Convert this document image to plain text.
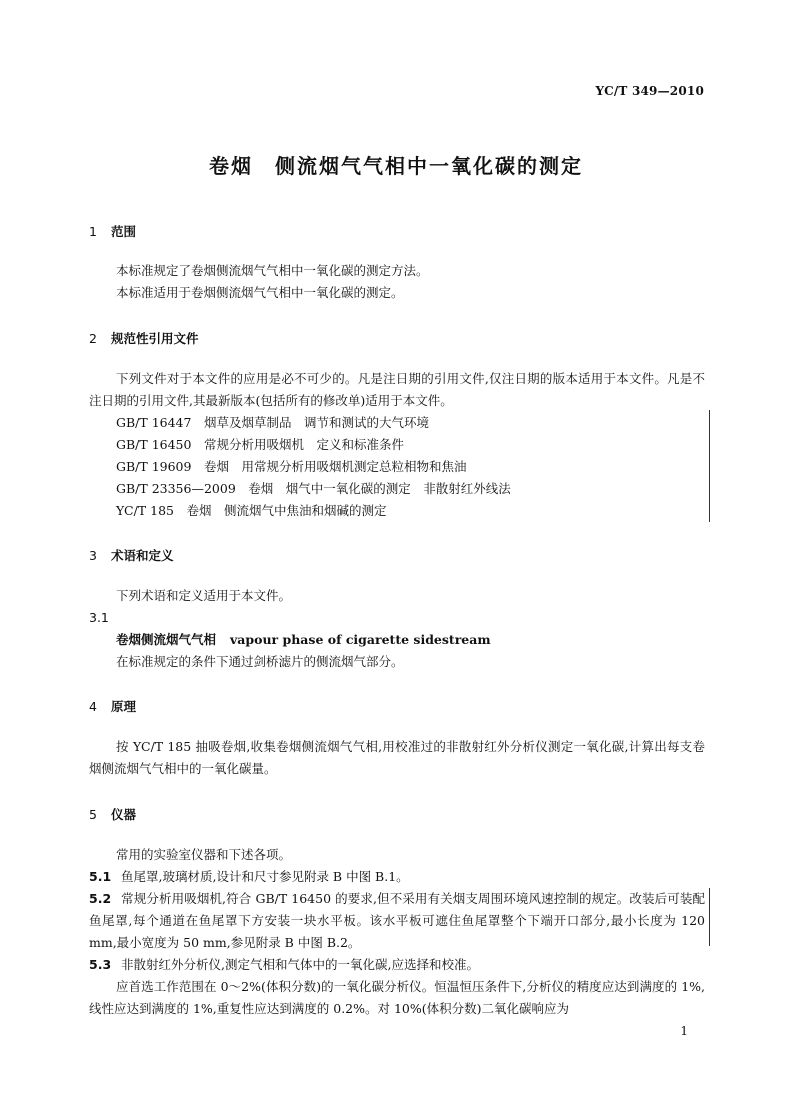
YC/T 349—2010
卷烟　侧流烟气气相中一氧化碳的测定
1 范围
本标准规定了卷烟侧流烟气气相中一氧化碳的测定方法。
本标准适用于卷烟侧流烟气气相中一氧化碳的测定。
2 规范性引用文件
下列文件对于本文件的应用是必不可少的。凡是注日期的引用文件,仅注日期的版本适用于本文件。凡是不注日期的引用文件,其最新版本(包括所有的修改单)适用于本文件。
GB/T 16447　烟草及烟草制品　调节和测试的大气环境
GB/T 16450　常规分析用吸烟机　定义和标准条件
GB/T 19609　卷烟　用常规分析用吸烟机测定总粒相物和焦油
GB/T 23356—2009　卷烟　烟气中一氧化碳的测定　非散射红外线法
YC/T 185　卷烟　侧流烟气中焦油和烟碱的测定
3 术语和定义
下列术语和定义适用于本文件。
3.1
卷烟侧流烟气气相 vapour phase of cigarette sidestream
在标准规定的条件下通过剑桥滤片的侧流烟气部分。
4 原理
按 YC/T 185 抽吸卷烟,收集卷烟侧流烟气气相,用校准过的非散射红外分析仪测定一氧化碳,计算出每支卷烟侧流烟气气相中的一氧化碳量。
5 仪器
常用的实验室仪器和下述各项。
5.1 鱼尾罩,玻璃材质,设计和尺寸参见附录 B 中图 B.1。
5.2 常规分析用吸烟机,符合 GB/T 16450 的要求,但不采用有关烟支周围环境风速控制的规定。改装后可装配鱼尾罩,每个通道在鱼尾罩下方安装一块水平板。该水平板可遮住鱼尾罩整个下端开口部分,最小长度为 120 mm,最小宽度为 50 mm,参见附录 B 中图 B.2。
5.3 非散射红外分析仪,测定气相和气体中的一氧化碳,应选择和校准。
应首选工作范围在 0～2%(体积分数)的一氧化碳分析仪。恒温恒压条件下,分析仪的精度应达到满度的 1%,线性应达到满度的 1%,重复性应达到满度的 0.2%。对 10%(体积分数)二氧化碳响应为
1
